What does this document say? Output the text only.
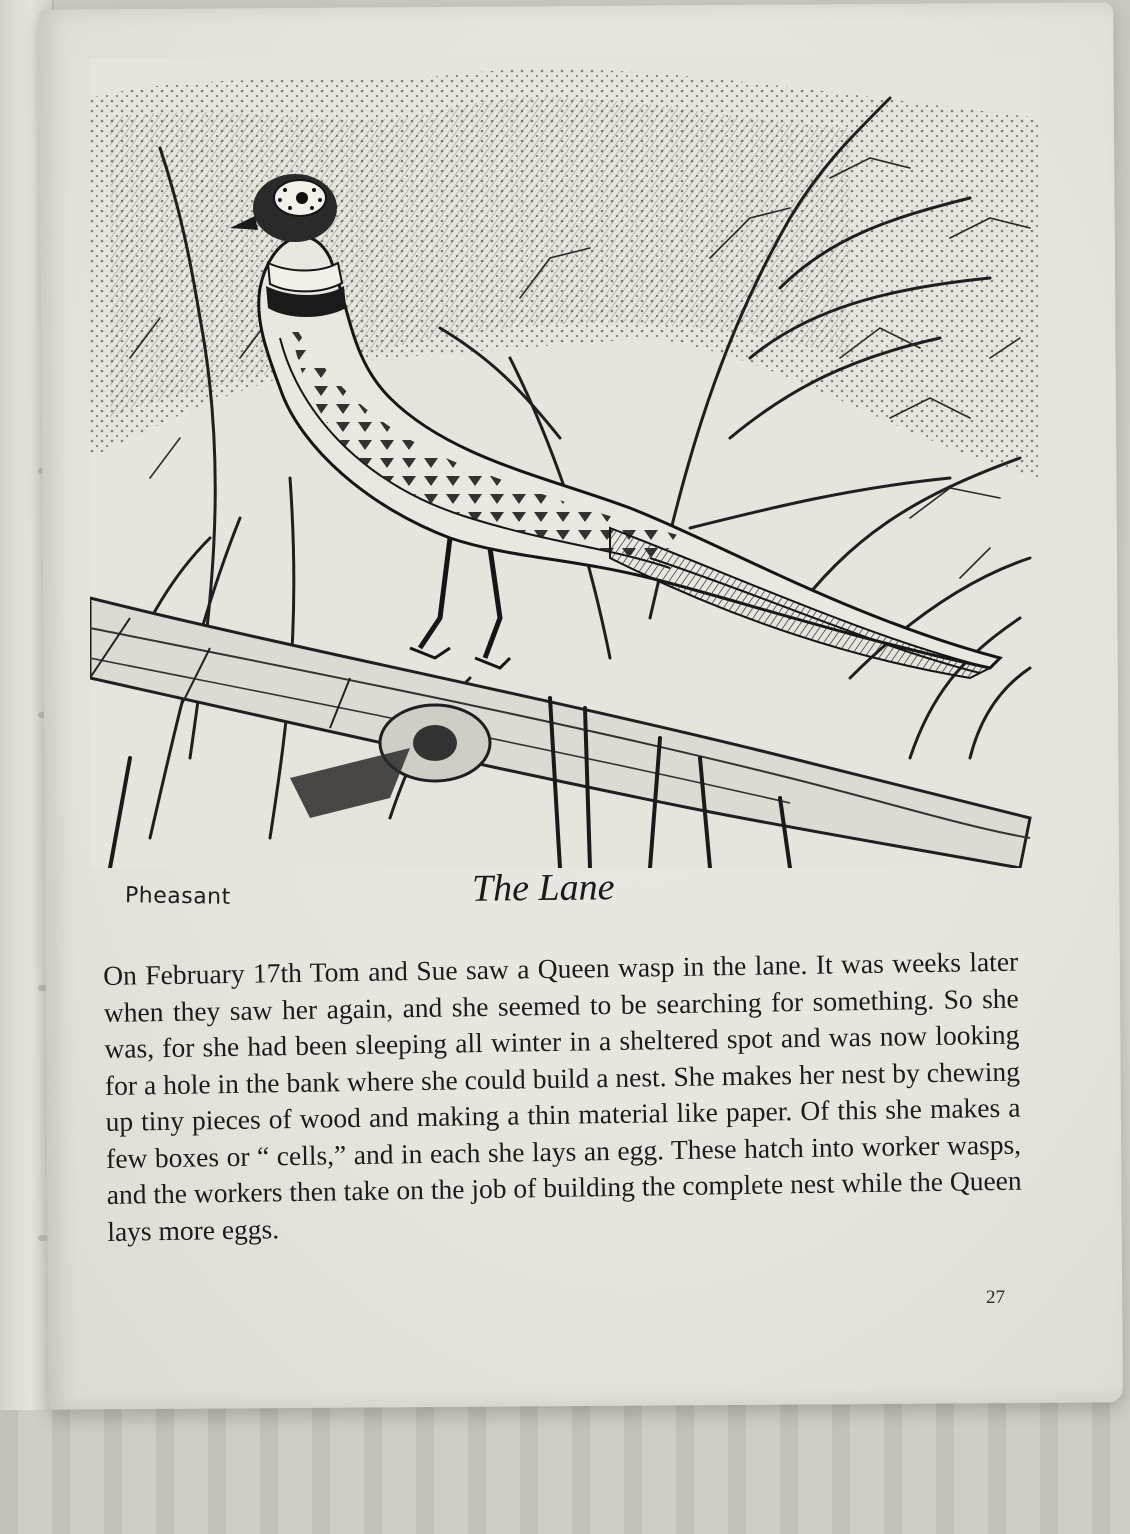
Pheasant	The Lane
On February 17th Tom and Sue saw a Queen wasp in the lane. It was weeks later when they saw her again, and she seemed to be searching for something. So she was, for she had been sleeping all winter in a sheltered spot and was now looking for a hole in the bank where she could build a nest. She makes her nest by chewing up tiny pieces of wood and making a thin material like paper. Of this she makes a few boxes or “ cells,” and in each she lays an egg. These hatch into worker wasps, and the workers then take on the job of building the complete nest while the Queen lays more eggs.
27
